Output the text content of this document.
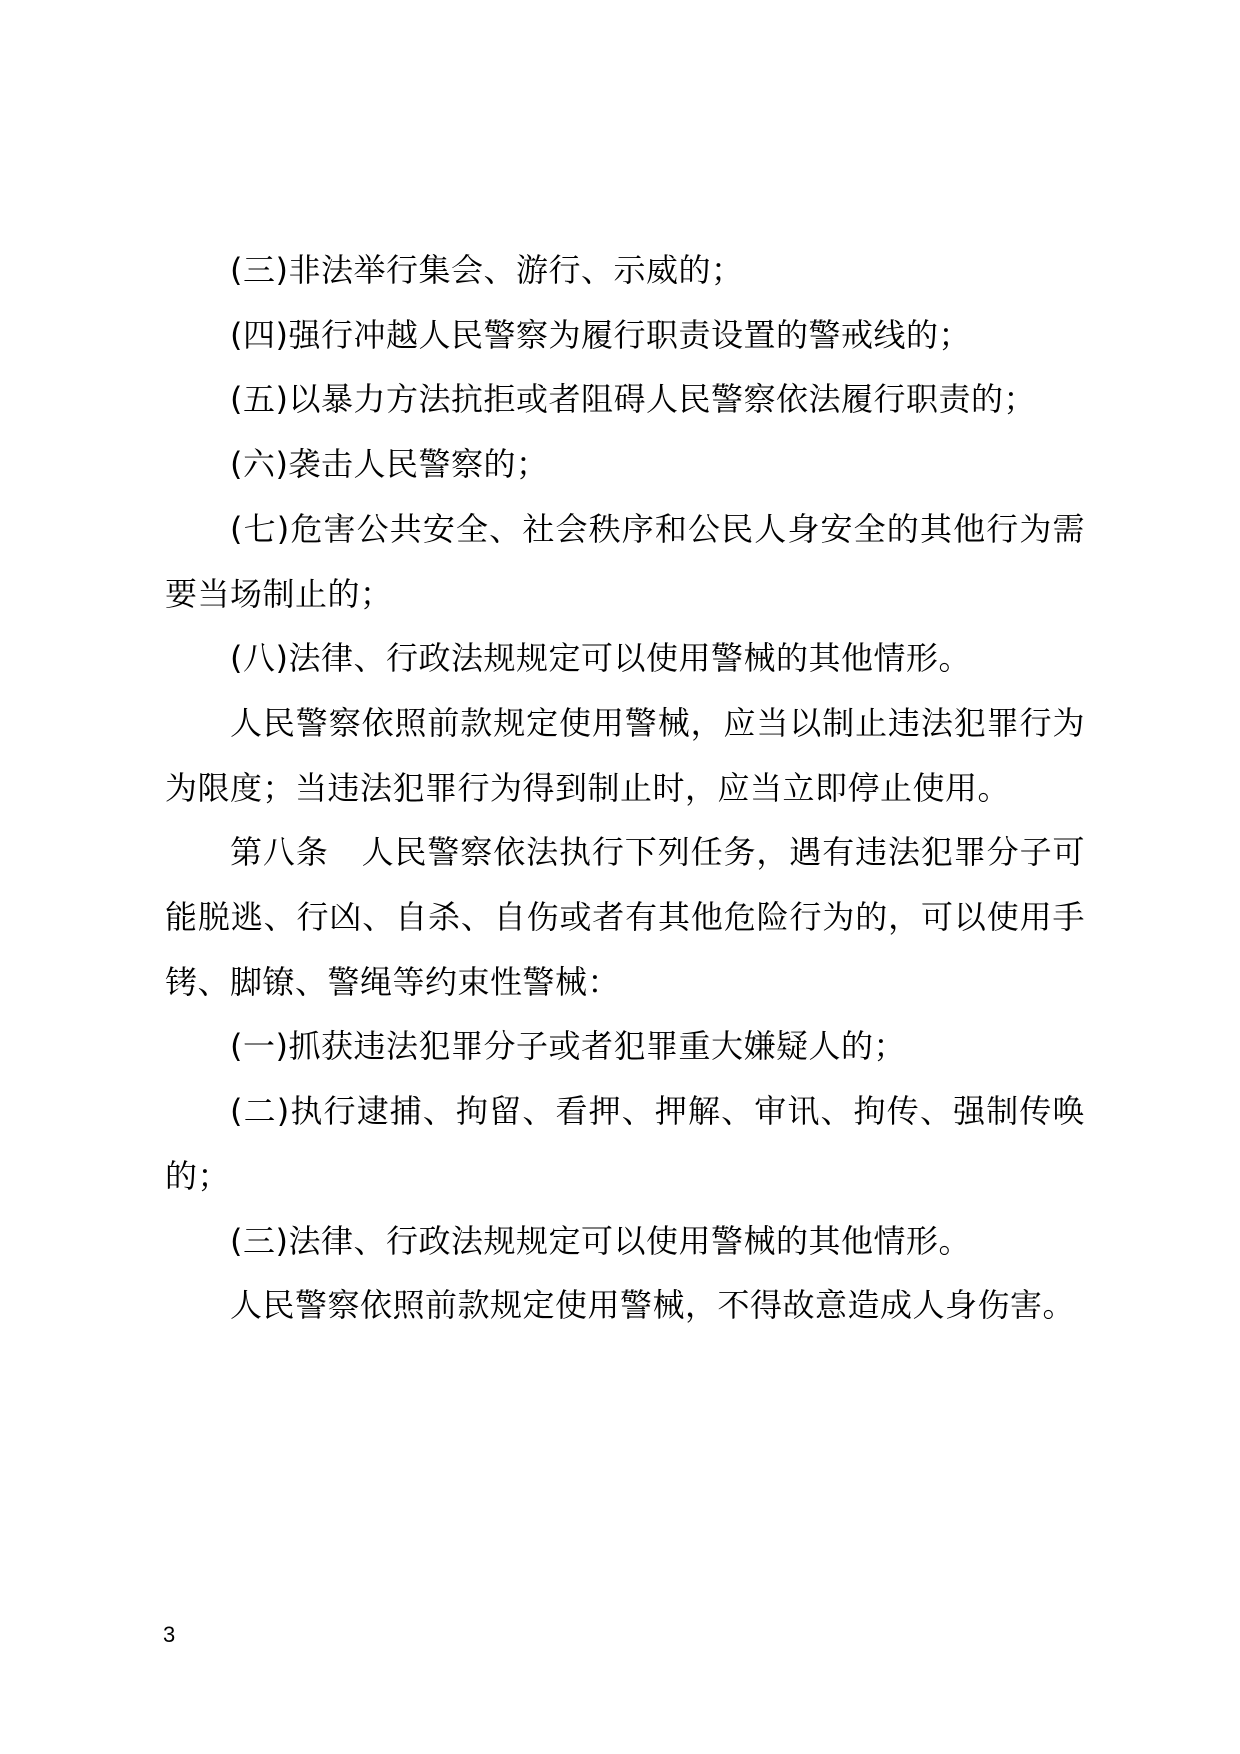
(三)非法举行集会、游行、示威的；

(四)强行冲越人民警察为履行职责设置的警戒线的；

(五)以暴力方法抗拒或者阻碍人民警察依法履行职责的；

(六)袭击人民警察的；

(七)危害公共安全、社会秩序和公民人身安全的其他行为需要当场制止的；

(八)法律、行政法规规定可以使用警械的其他情形。

人民警察依照前款规定使用警械，应当以制止违法犯罪行为为限度；当违法犯罪行为得到制止时，应当立即停止使用。

第八条　人民警察依法执行下列任务，遇有违法犯罪分子可能脱逃、行凶、自杀、自伤或者有其他危险行为的，可以使用手铐、脚镣、警绳等约束性警械：

(一)抓获违法犯罪分子或者犯罪重大嫌疑人的；

(二)执行逮捕、拘留、看押、押解、审讯、拘传、强制传唤的；

(三)法律、行政法规规定可以使用警械的其他情形。

人民警察依照前款规定使用警械，不得故意造成人身伤害。

3
